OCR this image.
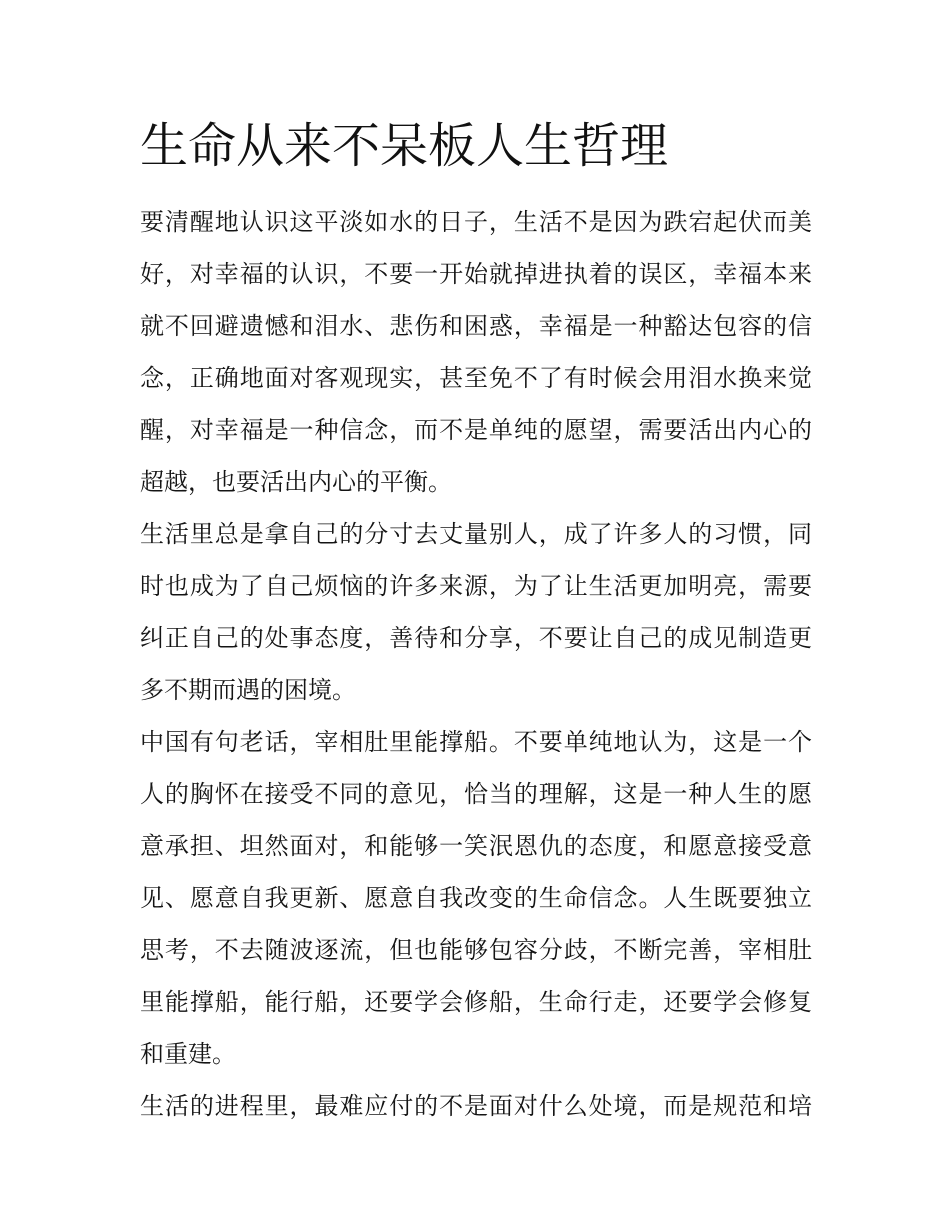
生命从来不呆板人生哲理
要清醒地认识这平淡如水的日子，生活不是因为跌宕起伏而美
好，对幸福的认识，不要一开始就掉进执着的误区，幸福本来
就不回避遗憾和泪水、悲伤和困惑，幸福是一种豁达包容的信
念，正确地面对客观现实，甚至免不了有时候会用泪水换来觉
醒，对幸福是一种信念，而不是单纯的愿望，需要活出内心的
超越，也要活出内心的平衡。
生活里总是拿自己的分寸去丈量别人，成了许多人的习惯，同
时也成为了自己烦恼的许多来源，为了让生活更加明亮，需要
纠正自己的处事态度，善待和分享，不要让自己的成见制造更
多不期而遇的困境。
中国有句老话，宰相肚里能撑船。不要单纯地认为，这是一个
人的胸怀在接受不同的意见，恰当的理解，这是一种人生的愿
意承担、坦然面对，和能够一笑泯恩仇的态度，和愿意接受意
见、愿意自我更新、愿意自我改变的生命信念。人生既要独立
思考，不去随波逐流，但也能够包容分歧，不断完善，宰相肚
里能撑船，能行船，还要学会修船，生命行走，还要学会修复
和重建。
生活的进程里，最难应付的不是面对什么处境，而是规范和培
